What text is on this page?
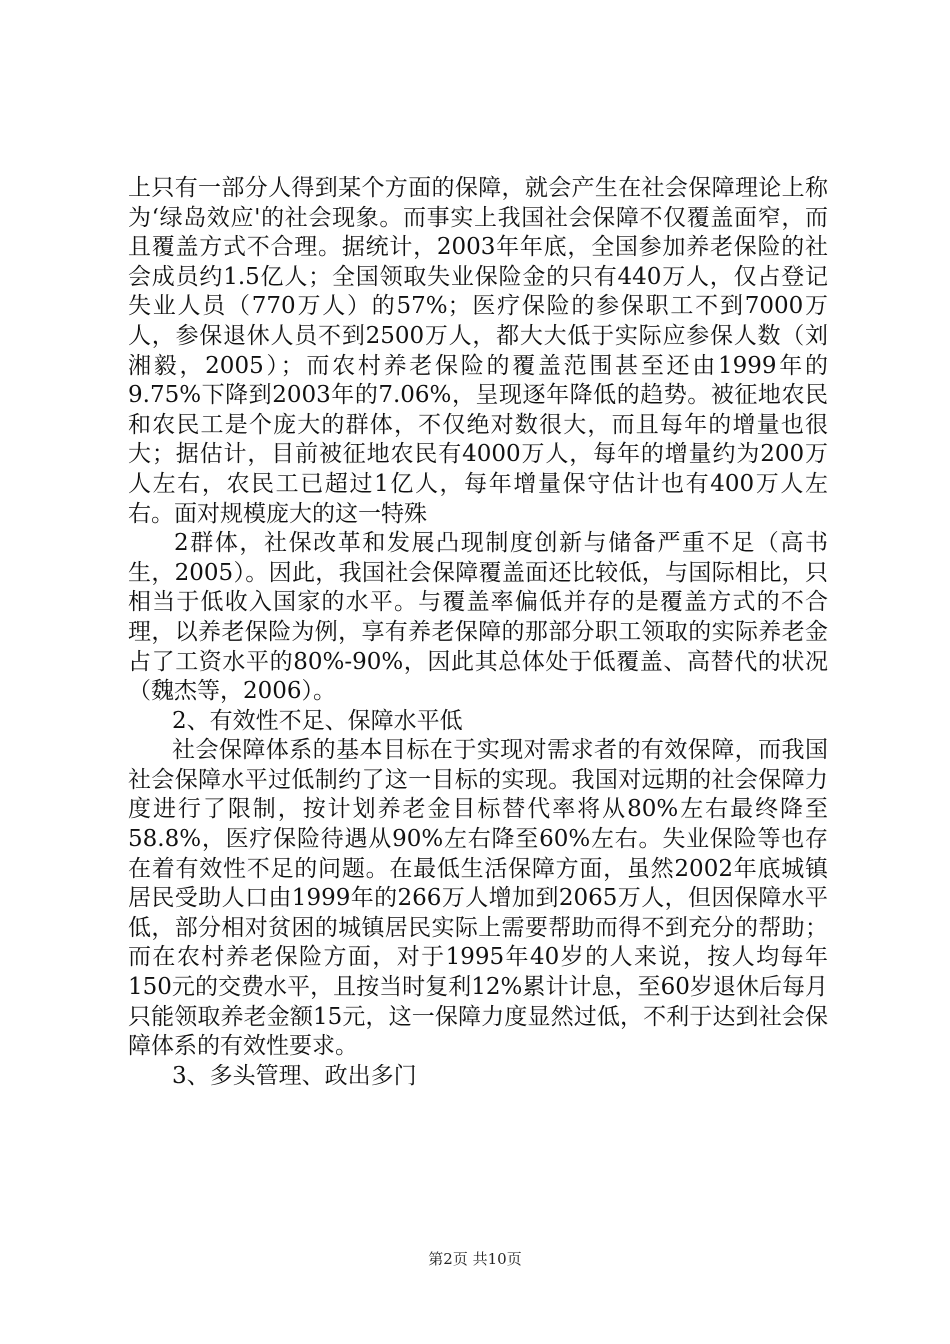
上只有一部分人得到某个方面的保障，就会产生在社会保障理论上称为‘绿岛效应'的社会现象。而事实上我国社会保障不仅覆盖面窄，而且覆盖方式不合理。据统计，2003年年底，全国参加养老保险的社会成员约1.5亿人；全国领取失业保险金的只有440万人，仅占登记失业人员（770万人）的57%；医疗保险的参保职工不到7000万人，参保退休人员不到2500万人，都大大低于实际应参保人数（刘湘毅，2005）；而农村养老保险的覆盖范围甚至还由1999年的9.75%下降到2003年的7.06%，呈现逐年降低的趋势。被征地农民和农民工是个庞大的群体，不仅绝对数很大，而且每年的增量也很大；据估计，目前被征地农民有4000万人，每年的增量约为200万人左右，农民工已超过1亿人，每年增量保守估计也有400万人左右。面对规模庞大的这一特殊

2群体，社保改革和发展凸现制度创新与储备严重不足（高书生，2005）。因此，我国社会保障覆盖面还比较低，与国际相比，只相当于低收入国家的水平。与覆盖率偏低并存的是覆盖方式的不合理，以养老保险为例，享有养老保障的那部分职工领取的实际养老金占了工资水平的80%-90%，因此其总体处于低覆盖、高替代的状况（魏杰等，2006）。

2、有效性不足、保障水平低

社会保障体系的基本目标在于实现对需求者的有效保障，而我国社会保障水平过低制约了这一目标的实现。我国对远期的社会保障力度进行了限制，按计划养老金目标替代率将从80%左右最终降至58.8%，医疗保险待遇从90%左右降至60%左右。失业保险等也存在着有效性不足的问题。在最低生活保障方面，虽然2002年底城镇居民受助人口由1999年的266万人增加到2065万人，但因保障水平低，部分相对贫困的城镇居民实际上需要帮助而得不到充分的帮助；而在农村养老保险方面，对于1995年40岁的人来说，按人均每年150元的交费水平，且按当时复利12%累计计息，至60岁退休后每月只能领取养老金额15元，这一保障力度显然过低，不利于达到社会保障体系的有效性要求。

3、多头管理、政出多门

第2页 共10页
